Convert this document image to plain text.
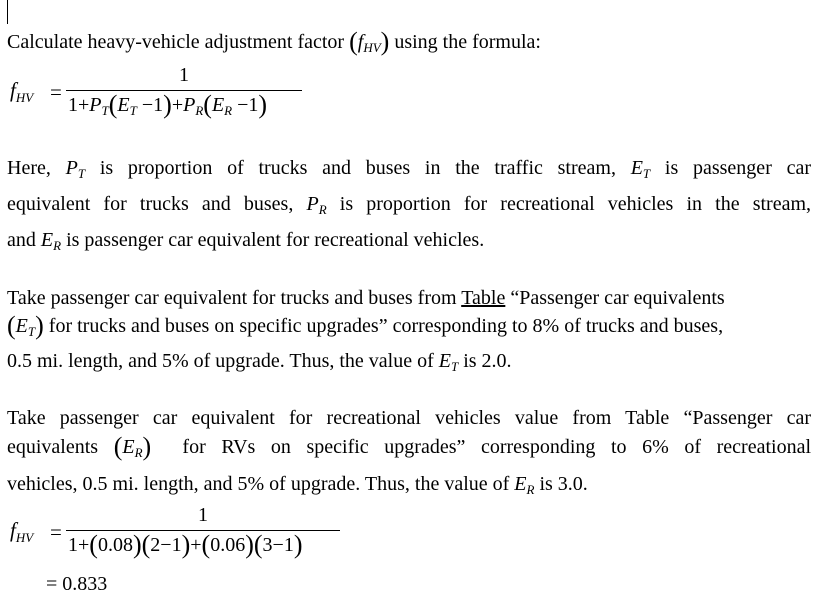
Calculate heavy-vehicle adjustment factor $(f_{HV})$ using the formula:
$f_{HV}$ =
1
$1+P_T(E_T -1)+P_R(E_R -1)$
Here, $P_T$ is proportion of trucks and buses in the traffic stream, $E_T$ is passenger car
equivalent for trucks and buses, $P_R$ is proportion for recreational vehicles in the stream,
and $E_R$ is passenger car equivalent for recreational vehicles.
Take passenger car equivalent for trucks and buses from Table “Passenger car equivalents
$(E_T)$ for trucks and buses on specific upgrades” corresponding to 8% of trucks and buses,
0.5 mi. length, and 5% of upgrade. Thus, the value of $E_T$ is 2.0.
Take passenger car equivalent for recreational vehicles value from Table “Passenger car
equivalents $(E_R)$ for RVs on specific upgrades” corresponding to 6% of recreational
vehicles, 0.5 mi. length, and 5% of upgrade. Thus, the value of $E_R$ is 3.0.
$f_{HV}$ =
1
1+(0.08)(2−1)+(0.06)(3−1)
= 0.833
